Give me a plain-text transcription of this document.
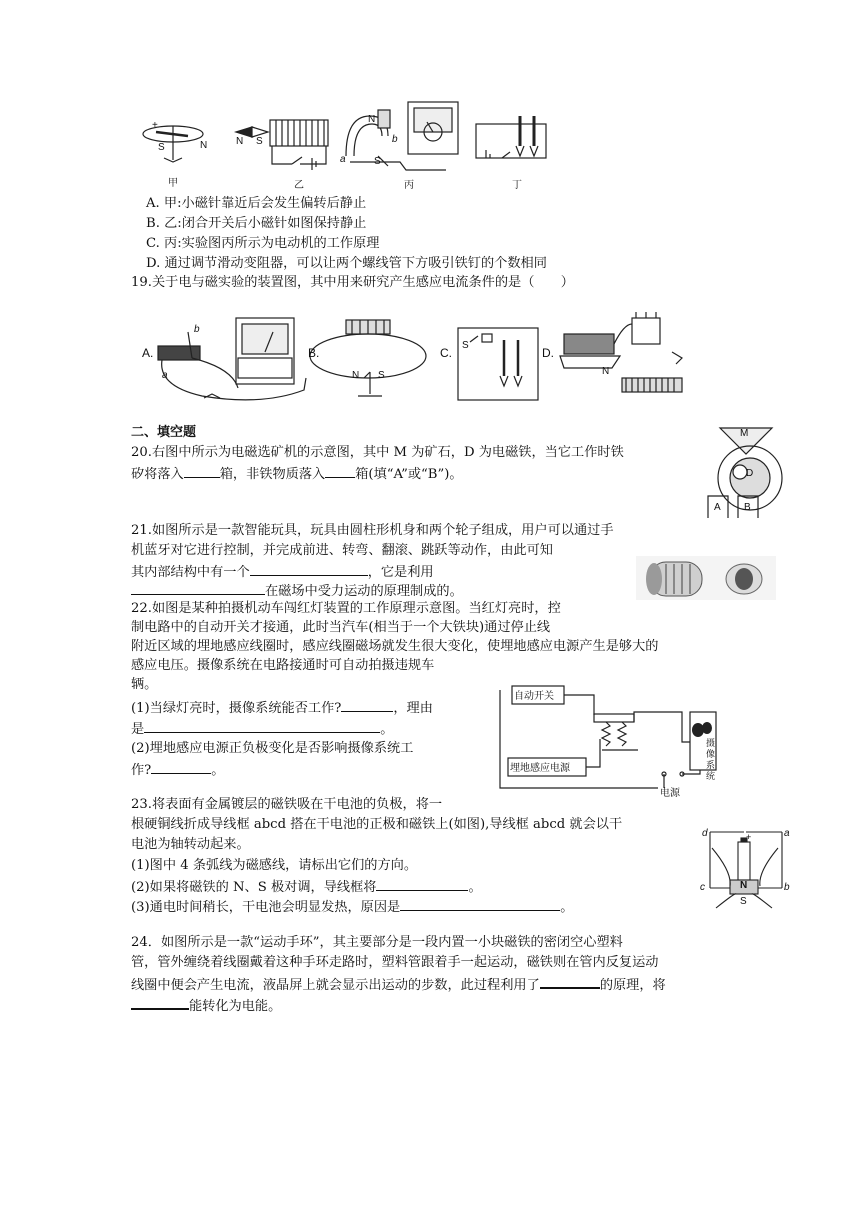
+
S	N	N S
N
S
a
b
甲	乙	丙	丁
A. 甲:小磁针靠近后会发生偏转后静止
B. 乙:闭合开关后小磁针如图保持静止
C. 丙:实验图丙所示为电动机的工作原理
D. 通过调节滑动变阻器，可以让两个螺线管下方吸引铁钉的个数相同
19.关于电与磁实验的装置图，其中用来研究产生感应电流条件的是（　　）
A.	B.	C.	D.
b
a	N S
S
N
二、填空题
20.右图中所示为电磁选矿机的示意图，其中 M 为矿石，D 为电磁铁，当它工作时铁
矽将落入	箱，非铁物质落入 箱(填“A”或“B”)。
M
D
A B
21.如图所示是一款智能玩具，玩具由圆柱形机身和两个轮子组成，用户可以通过手
机蓝牙对它进行控制，并完成前进、转弯、翻滚、跳跃等动作，由此可知
其内部结构中有一个	，它是利用
在磁场中受力运动的原理制成的。
22.如图是某种拍摄机动车闯红灯装置的工作原理示意图。当红灯亮时，控
制电路中的自动开关才接通，此时当汽车(相当于一个大铁块)通过停止线
附近区域的埋地感应线圈时，感应线圈磁场就发生很大变化，使埋地感应电源产生是够大的
感应电压。摄像系统在电路接通时可自动拍摄违规车
辆。
(1)当绿灯亮时，摄像系统能否工作?	，理由
是	。
(2)埋地感应电源正负极变化是否影响摄像系统工
作?	。
自动开关
埋地感应电源
摄像系统
电源
23.将表面有金属镀层的磁铁吸在干电池的负极，将一
根硬铜线折成导线框 abcd 搭在干电池的正极和磁铁上(如图),导线框 abcd 就会以干
电池为轴转动起来。
(1)图中 4 条弧线为磁感线，请标出它们的方向。
(2)如果将磁铁的 N、S 极对调，导线框将	。
(3)通电时间稍长，干电池会明显发热，原因是	。
d	a
c	b
N
S
+
24．如图所示是一款“运动手环”，其主要部分是一段内置一小块磁铁的密闭空心塑料
管，管外缠绕着线圈戴着这种手环走路时，塑料管跟着手一起运动，磁铁则在管内反复运动
线圈中便会产生电流，液晶屏上就会显示出运动的步数，此过程利用了	的原理，将
能转化为电能。
